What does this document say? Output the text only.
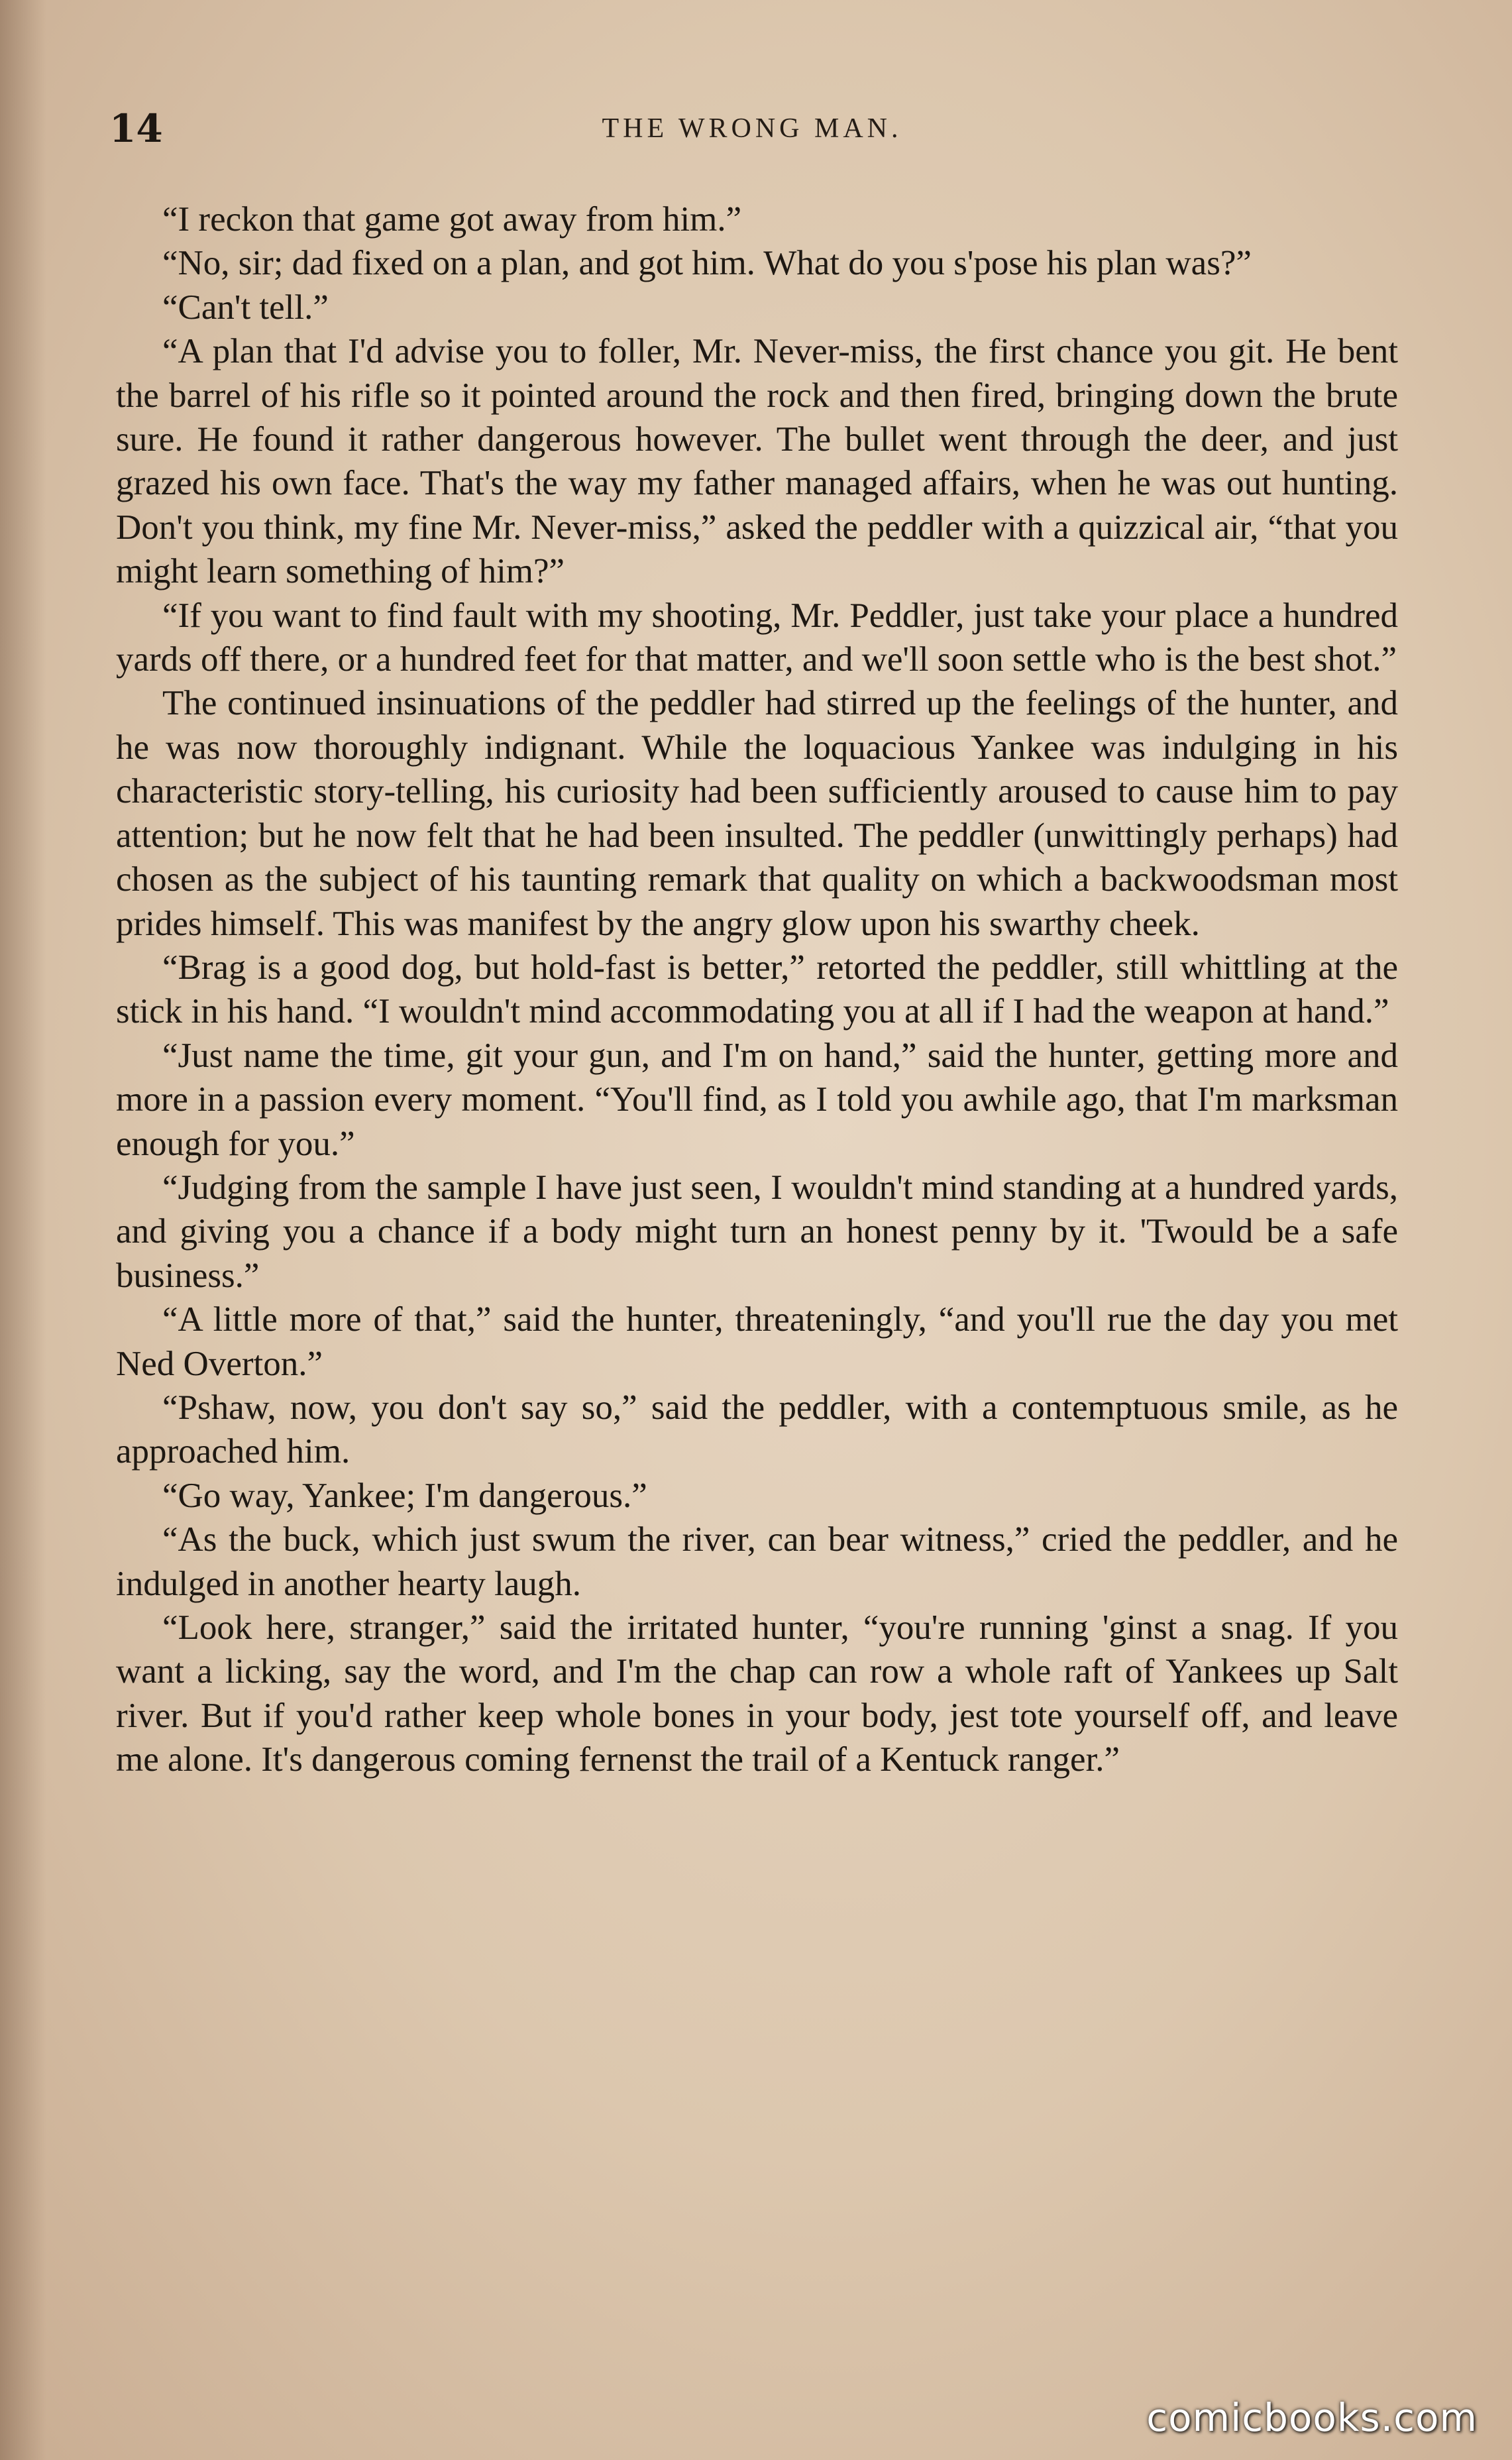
14	THE WRONG MAN.

“I reckon that game got away from him.”

“No, sir; dad fixed on a plan, and got him. What do you s'pose his plan was?”

“Can't tell.”

“A plan that I'd advise you to foller, Mr. Never-miss, the first chance you git. He bent the barrel of his rifle so it pointed around the rock and then fired, bringing down the brute sure. He found it rather dangerous however. The bullet went through the deer, and just grazed his own face. That's the way my father managed affairs, when he was out hunting. Don't you think, my fine Mr. Never-miss,” asked the peddler with a quizzical air, “that you might learn something of him?”

“If you want to find fault with my shooting, Mr. Peddler, just take your place a hundred yards off there, or a hundred feet for that matter, and we'll soon settle who is the best shot.”

The continued insinuations of the peddler had stirred up the feelings of the hunter, and he was now thoroughly indignant. While the loquacious Yankee was indulging in his characteristic story-telling, his curiosity had been sufficiently aroused to cause him to pay attention; but he now felt that he had been insulted. The peddler (unwittingly perhaps) had chosen as the subject of his taunting remark that quality on which a backwoodsman most prides himself. This was manifest by the angry glow upon his swarthy cheek.

“Brag is a good dog, but hold-fast is better,” retorted the peddler, still whittling at the stick in his hand. “I wouldn't mind accommodating you at all if I had the weapon at hand.”

“Just name the time, git your gun, and I'm on hand,” said the hunter, getting more and more in a passion every moment. “You'll find, as I told you awhile ago, that I'm marksman enough for you.”

“Judging from the sample I have just seen, I wouldn't mind standing at a hundred yards, and giving you a chance if a body might turn an honest penny by it. 'Twould be a safe business.”

“A little more of that,” said the hunter, threateningly, “and you'll rue the day you met Ned Overton.”

“Pshaw, now, you don't say so,” said the peddler, with a contemptuous smile, as he approached him.

“Go way, Yankee; I'm dangerous.”

“As the buck, which just swum the river, can bear witness,” cried the peddler, and he indulged in another hearty laugh.

“Look here, stranger,” said the irritated hunter, “you're running 'ginst a snag. If you want a licking, say the word, and I'm the chap can row a whole raft of Yankees up Salt river. But if you'd rather keep whole bones in your body, jest tote yourself off, and leave me alone. It's dangerous coming fernenst the trail of a Kentuck ranger.”

comicbooks.com
